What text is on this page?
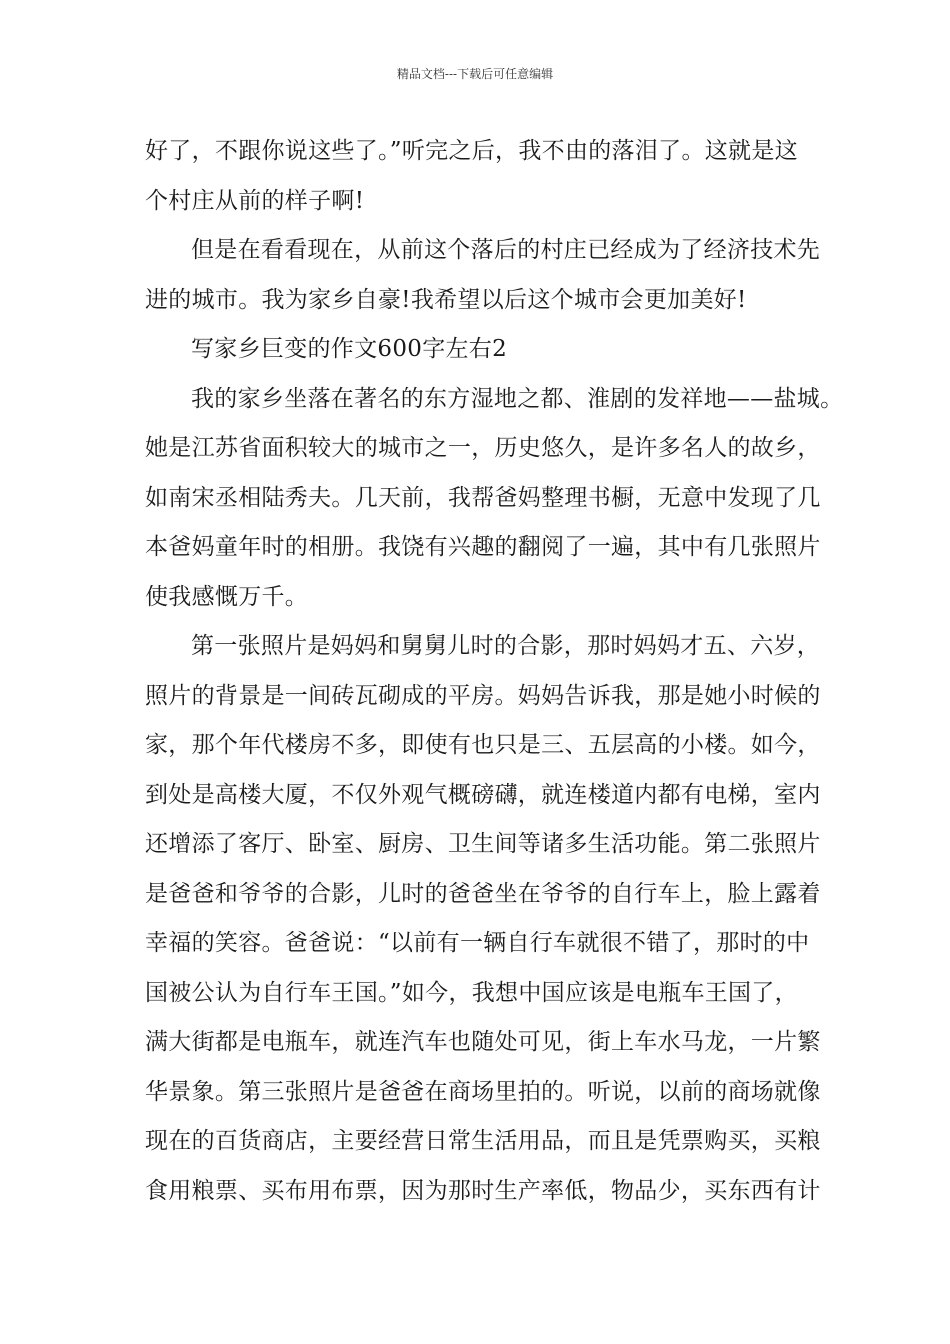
精品文档---下载后可任意编辑
好了，不跟你说这些了。”听完之后，我不由的落泪了。这就是这
个村庄从前的样子啊!
但是在看看现在，从前这个落后的村庄已经成为了经济技术先
进的城市。我为家乡自豪!我希望以后这个城市会更加美好!
写家乡巨变的作文600字左右2
我的家乡坐落在著名的东方湿地之都、淮剧的发祥地——盐城。
她是江苏省面积较大的城市之一，历史悠久，是许多名人的故乡，
如南宋丞相陆秀夫。几天前，我帮爸妈整理书橱，无意中发现了几
本爸妈童年时的相册。我饶有兴趣的翻阅了一遍，其中有几张照片
使我感慨万千。
第一张照片是妈妈和舅舅儿时的合影，那时妈妈才五、六岁，
照片的背景是一间砖瓦砌成的平房。妈妈告诉我，那是她小时候的
家，那个年代楼房不多，即使有也只是三、五层高的小楼。如今，
到处是高楼大厦，不仅外观气概磅礴，就连楼道内都有电梯，室内
还增添了客厅、卧室、厨房、卫生间等诸多生活功能。第二张照片
是爸爸和爷爷的合影，儿时的爸爸坐在爷爷的自行车上，脸上露着
幸福的笑容。爸爸说：“以前有一辆自行车就很不错了，那时的中
国被公认为自行车王国。”如今，我想中国应该是电瓶车王国了，
满大街都是电瓶车，就连汽车也随处可见，街上车水马龙，一片繁
华景象。第三张照片是爸爸在商场里拍的。听说，以前的商场就像
现在的百货商店，主要经营日常生活用品，而且是凭票购买，买粮
食用粮票、买布用布票，因为那时生产率低，物品少，买东西有计
